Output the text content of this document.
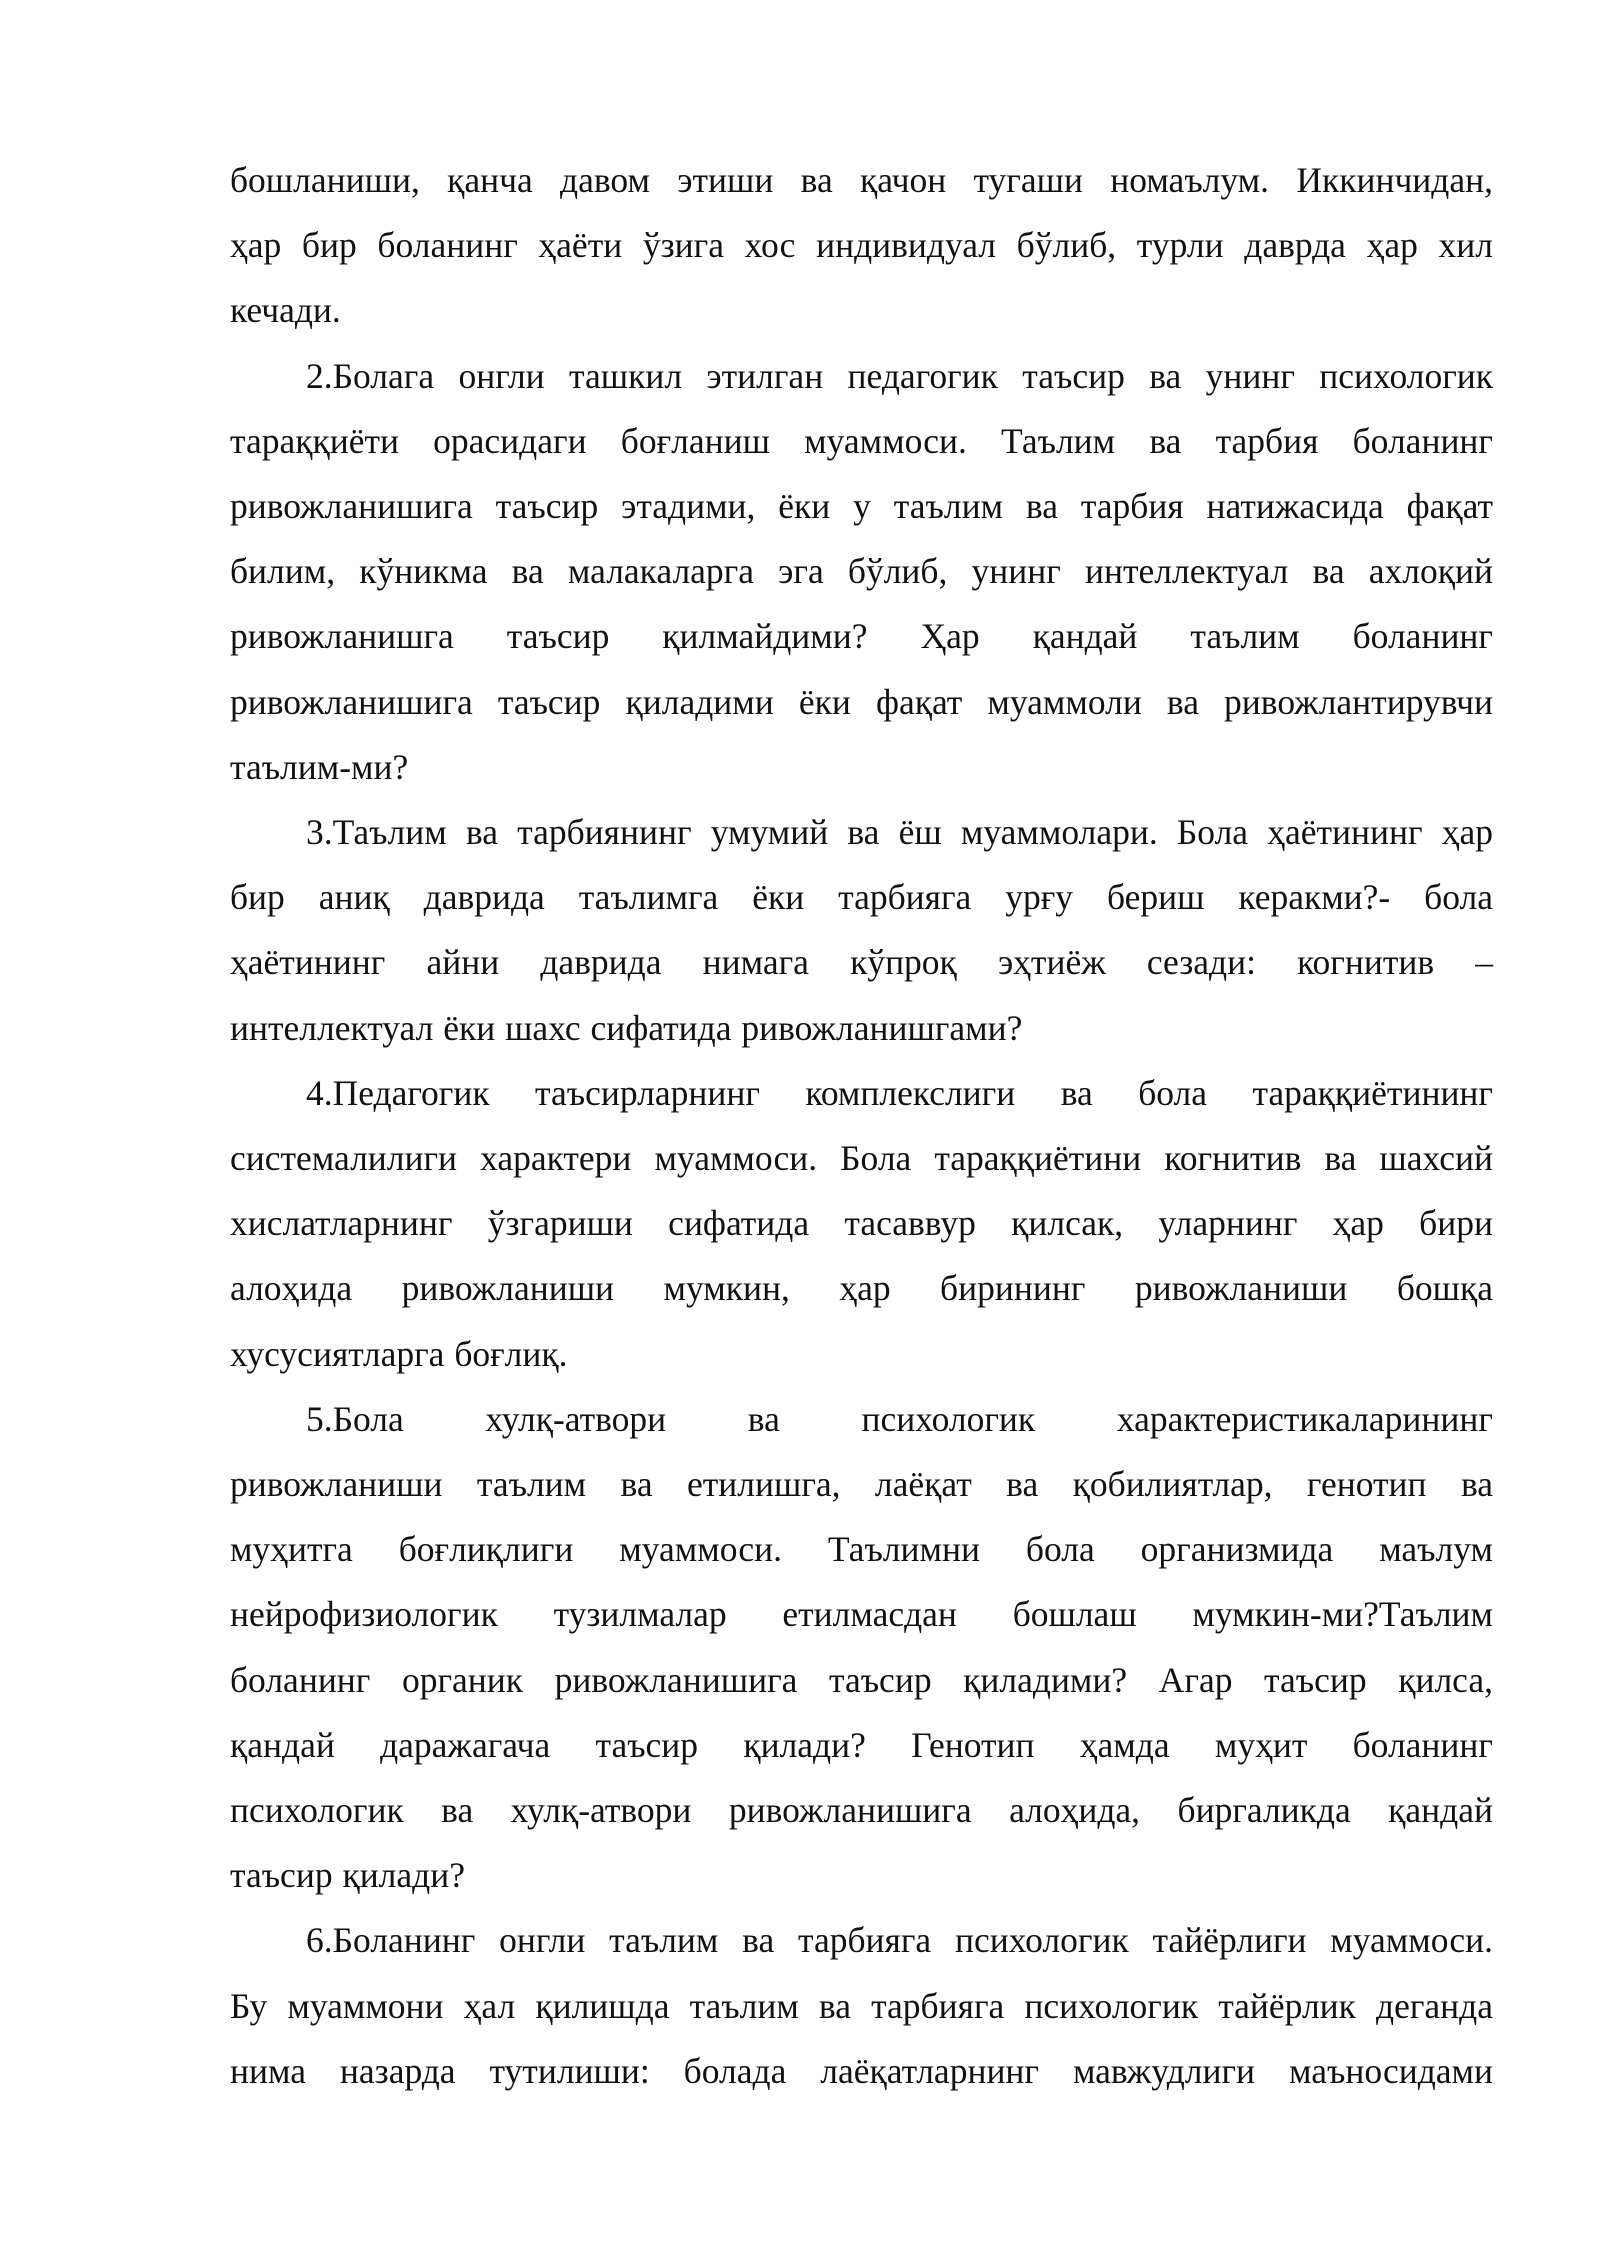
бошланиши, қанча давом этиши ва қачон тугаши номаълум. Иккинчидан,
ҳар бир боланинг ҳаёти ўзига хос индивидуал бўлиб, турли даврда ҳар хил
кечади.
2.Болага онгли ташкил этилган педагогик таъсир ва унинг психологик
тараққиёти орасидаги боғланиш муаммоси. Таълим ва тарбия боланинг
ривожланишига таъсир этадими, ёки у таълим ва тарбия натижасида фақат
билим, кўникма ва малакаларга эга бўлиб, унинг интеллектуал ва ахлоқий
ривожланишга таъсир қилмайдими? Ҳар қандай таълим боланинг
ривожланишига таъсир қиладими ёки фақат муаммоли ва ривожлантирувчи
таълим-ми?
3.Таълим ва тарбиянинг умумий ва ёш муаммолари. Бола ҳаётининг ҳар
бир аниқ даврида таълимга ёки тарбияга урғу бериш керакми?- бола
ҳаётининг айни даврида нимага кўпроқ эҳтиёж сезади: когнитив –
интеллектуал ёки шахс сифатида ривожланишгами?
4.Педагогик таъсирларнинг комплекслиги ва бола тараққиётининг
системалилиги характери муаммоси. Бола тараққиётини когнитив ва шахсий
хислатларнинг ўзгариши сифатида тасаввур қилсак, уларнинг ҳар бири
алоҳида ривожланиши мумкин, ҳар бирининг ривожланиши бошқа
хусусиятларга боғлиқ.
5.Бола хулқ-атвори ва психологик характеристикаларининг
ривожланиши таълим ва етилишга, лаёқат ва қобилиятлар, генотип ва
муҳитга боғлиқлиги муаммоси. Таълимни бола организмида маълум
нейрофизиологик тузилмалар етилмасдан бошлаш мумкин-ми?Таълим
боланинг органик ривожланишига таъсир қиладими? Агар таъсир қилса,
қандай даражагача таъсир қилади? Генотип ҳамда муҳит боланинг
психологик ва хулқ-атвори ривожланишига алоҳида, биргаликда қандай
таъсир қилади?
6.Боланинг онгли таълим ва тарбияга психологик тайёрлиги муаммоси.
Бу муаммони ҳал қилишда таълим ва тарбияга психологик тайёрлик деганда
нима назарда тутилиши: болада лаёқатларнинг мавжудлиги маъносидами
